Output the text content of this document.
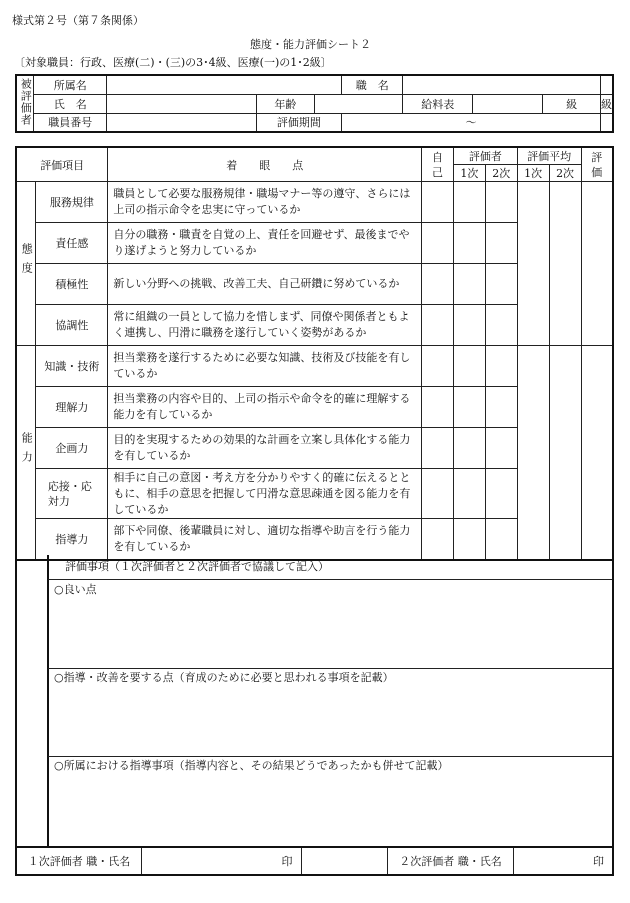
様式第２号（第７条関係）
態度・能力評価シート２
〔対象職員：行政、医療(二)・(三)の3･4級、医療(一)の1･2級〕
被評価者	所属名				職　名				
	氏　名		年齢			給料表		級	級
	職員番号		評価期間		～				
評価項目		着　　眼　　点	自己	評価者		評価平均		評価

				1次	2次	1次	2次	
態度	服務規律	職員として必要な服務規律・職場マナー等の遵守、さらには上司の指示命令を忠実に守っているか						
	責任感	自分の職務・職責を自覚の上、責任を回避せず、最後までやり遂げようと努力しているか						
	積極性	新しい分野への挑戦、改善工夫、自己研鑽に努めているか						
	協調性	常に組織の一員として協力を惜しまず、同僚や関係者ともよく連携し、円滑に職務を遂行していく姿勢があるか						
能力	知識・技術	担当業務を遂行するために必要な知識、技術及び技能を有しているか						
	理解力	担当業務の内容や目的、上司の指示や命令を的確に理解する能力を有しているか						
	企画力	目的を実現するための効果的な計画を立案し具体化する能力を有しているか						

	応接・応対力	相手に自己の意図・考え方を分かりやすく的確に伝えるとともに、相手の意思を把握して円滑な意思疎通を図る能力を有しているか						
	指導力	部下や同僚、後輩職員に対し、適切な指導や助言を行う能力を有しているか						
評価事項（１次評価者と２次評価者で協議して記入）
○良い点
○指導・改善を要する点（育成のために必要と思われる事項を記載）
○所属における指導事項（指導内容と、その結果どうであったかも併せて記載）
１次評価者 職・氏名	印		２次評価者 職・氏名	印
